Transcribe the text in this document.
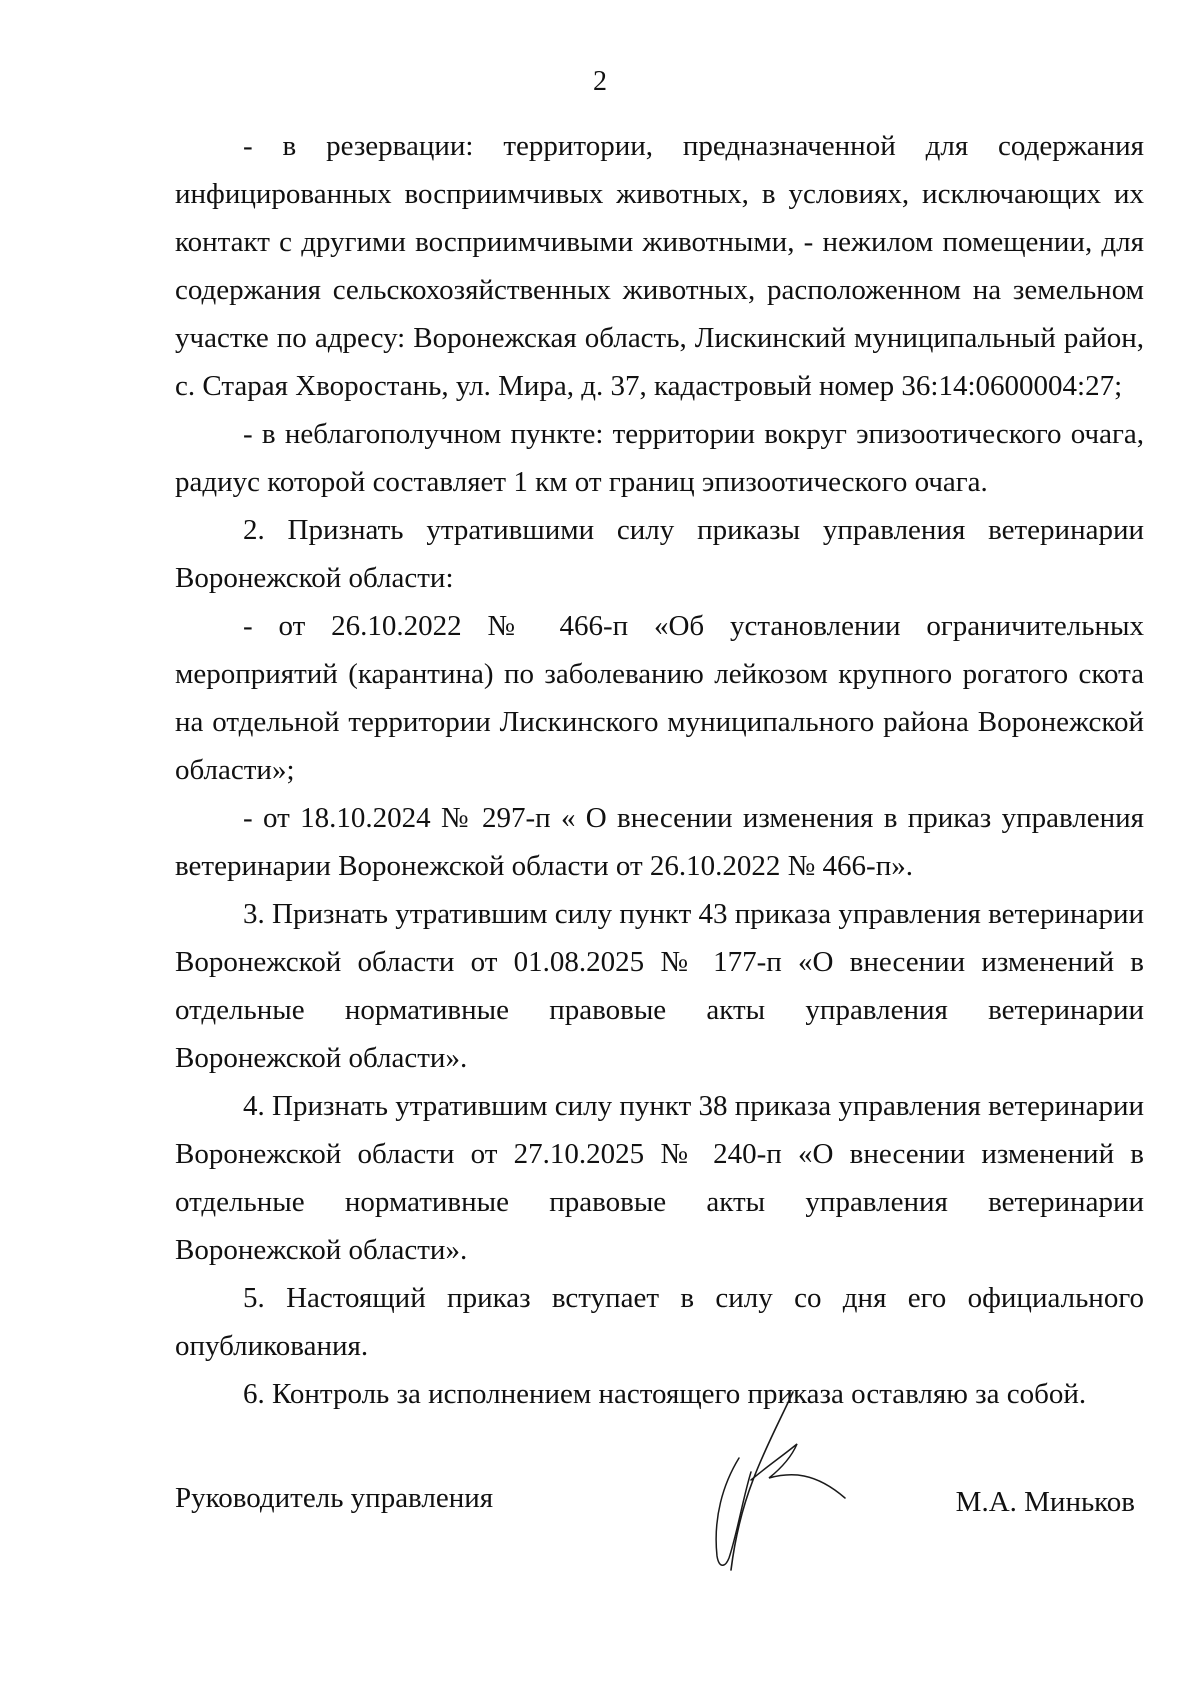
2

- в резервации: территории, предназначенной для содержания инфицированных восприимчивых животных, в условиях, исключающих их контакт с другими восприимчивыми животными, - нежилом помещении, для содержания сельскохозяйственных животных, расположенном на земельном участке по адресу: Воронежская область, Лискинский муниципальный район, с. Старая Хворостань, ул. Мира, д. 37, кадастровый номер 36:14:0600004:27;

- в неблагополучном пункте: территории вокруг эпизоотического очага, радиус которой составляет 1 км от границ эпизоотического очага.

2. Признать утратившими силу приказы управления ветеринарии Воронежской области:

- от 26.10.2022 № 466-п «Об установлении ограничительных мероприятий (карантина) по заболеванию лейкозом крупного рогатого скота на отдельной территории Лискинского муниципального района Воронежской области»;

- от 18.10.2024 № 297-п « О внесении изменения в приказ управления ветеринарии Воронежской области от 26.10.2022 № 466-п».

3. Признать утратившим силу пункт 43 приказа управления ветеринарии Воронежской области от 01.08.2025 № 177-п «О внесении изменений в отдельные нормативные правовые акты управления ветеринарии Воронежской области».

4. Признать утратившим силу пункт 38 приказа управления ветеринарии Воронежской области от 27.10.2025 № 240-п «О внесении изменений в отдельные нормативные правовые акты управления ветеринарии Воронежской области».

5. Настоящий приказ вступает в силу со дня его официального опубликования.

6. Контроль за исполнением настоящего приказа оставляю за собой.

Руководитель управления	М.А. Миньков
